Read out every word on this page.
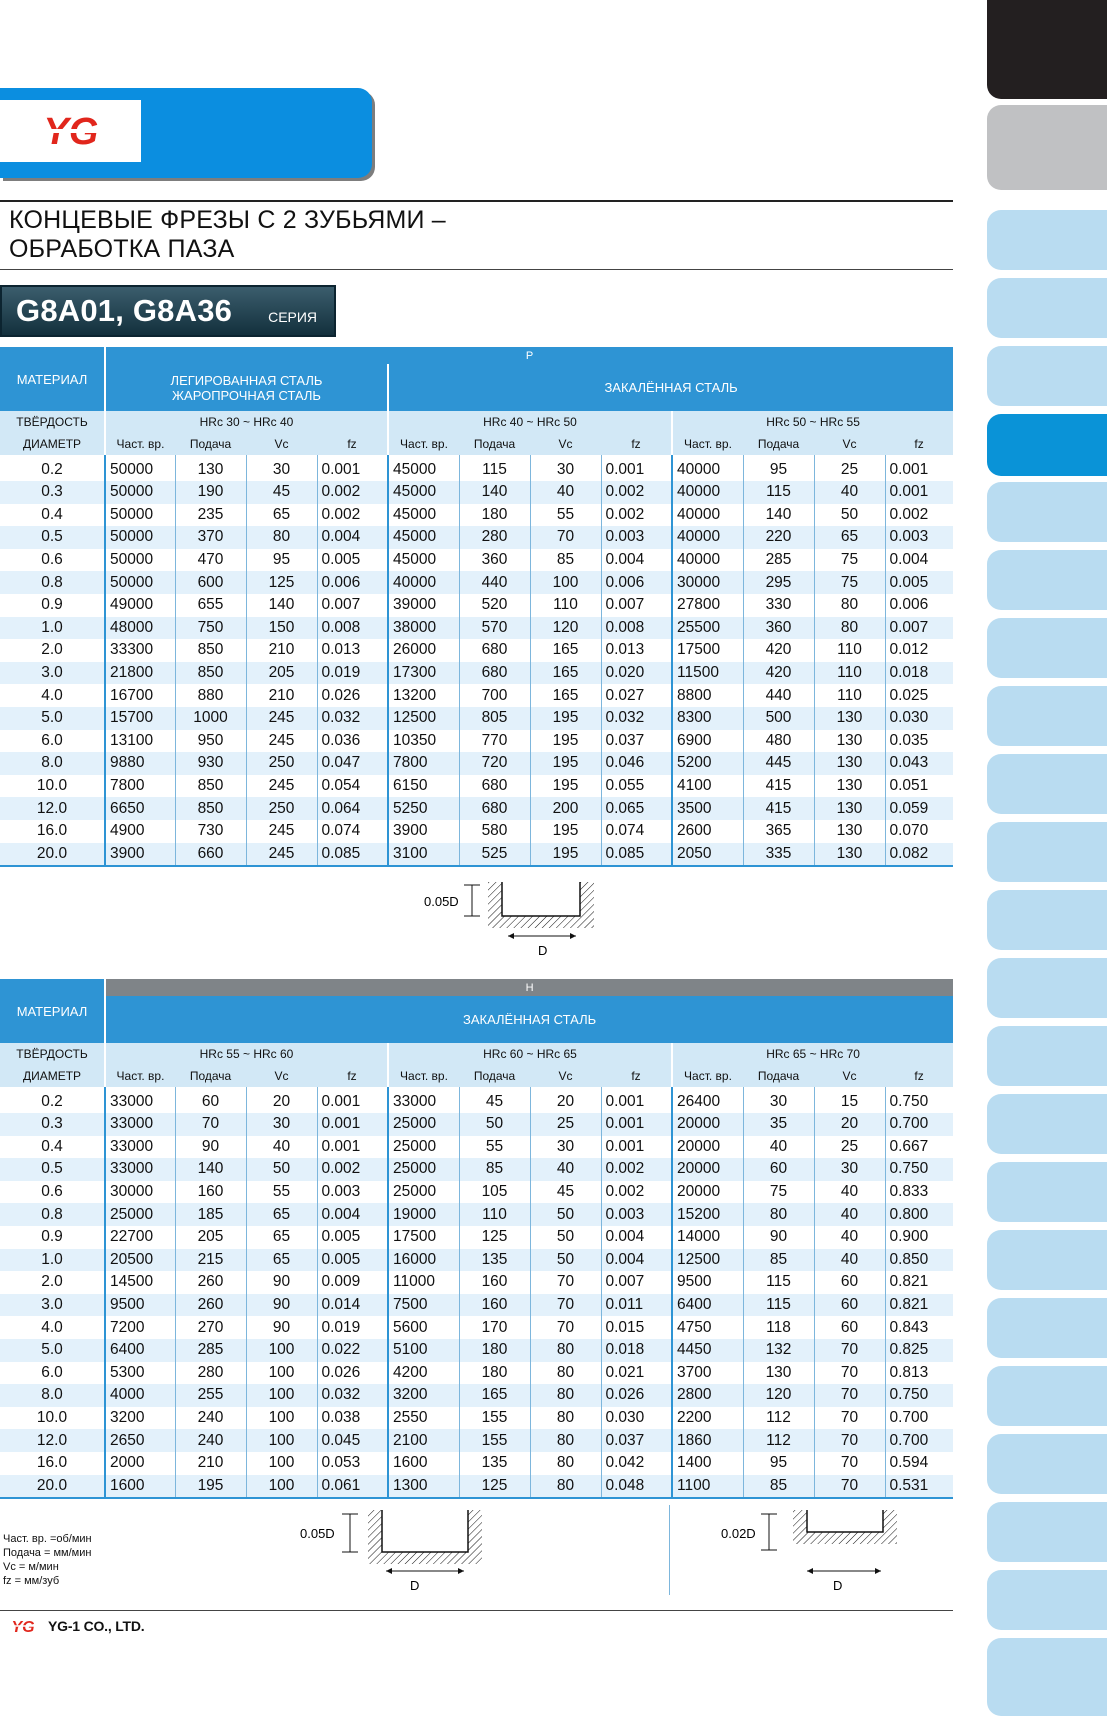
YG
КОНЦЕВЫЕ ФРЕЗЫ С 2 ЗУБЬЯМИ –
ОБРАБОТКА ПАЗА
G8A01, G8A36	СЕРИЯ
МАТЕРИАЛ	P											

	ЛЕГИРОВАННАЯ СТАЛЬ
ЖАРОПРОЧНАЯ СТАЛЬ				ЗАКАЛЁННАЯ СТАЛЬ							
ТВЁРДОСТЬ	HRc 30 ~ HRc 40				HRc 40 ~ HRc 50				HRc 50 ~ HRc 55			
ДИАМЕТР	Част. вр.	Подача	Vc	fz	Част. вр.	Подача	Vc	fz	Част. вр.	Подача	Vc	fz
0.2	50000	130	30	0.001	45000	115	30	0.001	40000	95	25	0.001
0.3	50000	190	45	0.002	45000	140	40	0.002	40000	115	40	0.001
0.4	50000	235	65	0.002	45000	180	55	0.002	40000	140	50	0.002
0.5	50000	370	80	0.004	45000	280	70	0.003	40000	220	65	0.003
0.6	50000	470	95	0.005	45000	360	85	0.004	40000	285	75	0.004
0.8	50000	600	125	0.006	40000	440	100	0.006	30000	295	75	0.005
0.9	49000	655	140	0.007	39000	520	110	0.007	27800	330	80	0.006
1.0	48000	750	150	0.008	38000	570	120	0.008	25500	360	80	0.007
2.0	33300	850	210	0.013	26000	680	165	0.013	17500	420	110	0.012
3.0	21800	850	205	0.019	17300	680	165	0.020	11500	420	110	0.018
4.0	16700	880	210	0.026	13200	700	165	0.027	8800	440	110	0.025
5.0	15700	1000	245	0.032	12500	805	195	0.032	8300	500	130	0.030
6.0	13100	950	245	0.036	10350	770	195	0.037	6900	480	130	0.035
8.0	9880	930	250	0.047	7800	720	195	0.046	5200	445	130	0.043
10.0	7800	850	245	0.054	6150	680	195	0.055	4100	415	130	0.051
12.0	6650	850	250	0.064	5250	680	200	0.065	3500	415	130	0.059
16.0	4900	730	245	0.074	3900	580	195	0.074	2600	365	130	0.070
20.0	3900	660	245	0.085	3100	525	195	0.085	2050	335	130	0.082
0.05D
D
МАТЕРИАЛ	H											
	ЗАКАЛЁННАЯ СТАЛЬ											
ТВЁРДОСТЬ	HRc 55 ~ HRc 60				HRc 60 ~ HRc 65				HRc 65 ~ HRc 70			
ДИАМЕТР	Част. вр.	Подача	Vc	fz	Част. вр.	Подача	Vc	fz	Част. вр.	Подача	Vc	fz
0.2	33000	60	20	0.001	33000	45	20	0.001	26400	30	15	0.750
0.3	33000	70	30	0.001	25000	50	25	0.001	20000	35	20	0.700
0.4	33000	90	40	0.001	25000	55	30	0.001	20000	40	25	0.667
0.5	33000	140	50	0.002	25000	85	40	0.002	20000	60	30	0.750
0.6	30000	160	55	0.003	25000	105	45	0.002	20000	75	40	0.833
0.8	25000	185	65	0.004	19000	110	50	0.003	15200	80	40	0.800
0.9	22700	205	65	0.005	17500	125	50	0.004	14000	90	40	0.900
1.0	20500	215	65	0.005	16000	135	50	0.004	12500	85	40	0.850
2.0	14500	260	90	0.009	11000	160	70	0.007	9500	115	60	0.821
3.0	9500	260	90	0.014	7500	160	70	0.011	6400	115	60	0.821
4.0	7200	270	90	0.019	5600	170	70	0.015	4750	118	60	0.843
5.0	6400	285	100	0.022	5100	180	80	0.018	4450	132	70	0.825
6.0	5300	280	100	0.026	4200	180	80	0.021	3700	130	70	0.813
8.0	4000	255	100	0.032	3200	165	80	0.026	2800	120	70	0.750
10.0	3200	240	100	0.038	2550	155	80	0.030	2200	112	70	0.700
12.0	2650	240	100	0.045	2100	155	80	0.037	1860	112	70	0.700
16.0	2000	210	100	0.053	1600	135	80	0.042	1400	95	70	0.594
20.0	1600	195	100	0.061	1300	125	80	0.048	1100	85	70	0.531
Част. вр. =об/мин
Подача = мм/мин
Vc = м/мин
fz = мм/зуб
0.05D
D
0.02D
D
YG YG-1 CO., LTD.
